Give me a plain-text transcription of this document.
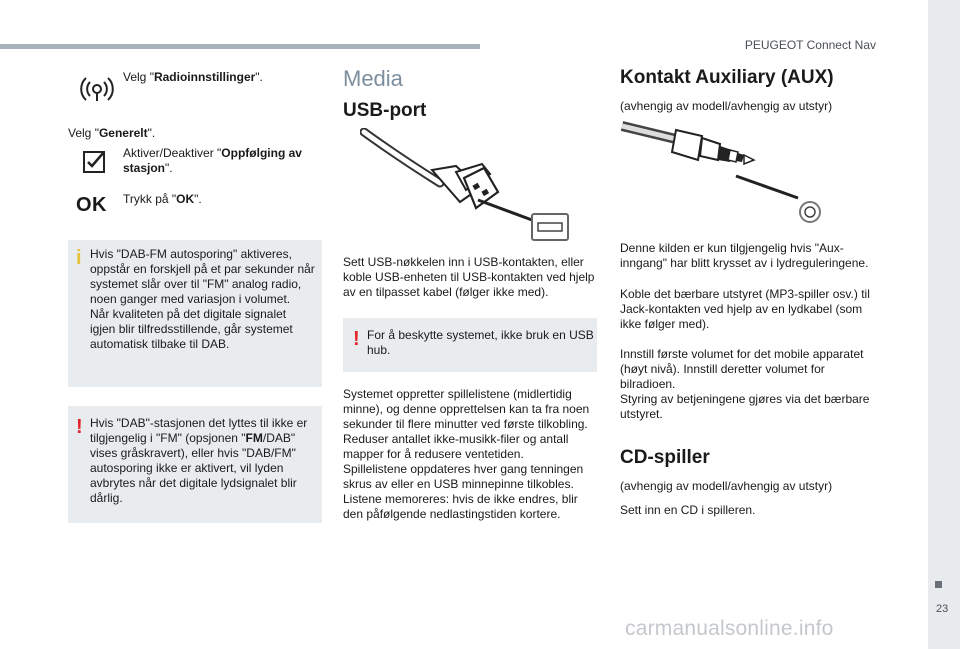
PEUGEOT Connect Nav
23
carmanualsonline.info
Velg "Radioinnstillinger".
Velg "Generelt".
Aktiver/Deaktiver "Oppfølging av stasjon".
OK Trykk på "OK".
i Hvis "DAB-FM autosporing" aktiveres,
oppstår en forskjell på et par sekunder når
systemet slår over til "FM" analog radio,
noen ganger med variasjon i volumet.
Når kvaliteten på det digitale signalet
igjen blir tilfredsstillende, går systemet
automatisk tilbake til DAB.
! Hvis "DAB"-stasjonen det lyttes til ikke er
tilgjengelig i "FM" (opsjonen "FM/DAB"
vises gråskravert), eller hvis "DAB/FM"
autosporing ikke er aktivert, vil lyden
avbrytes når det digitale lydsignalet blir
dårlig.
Media
USB-port
Sett USB-nøkkelen inn i USB-kontakten, eller
koble USB-enheten til USB-kontakten ved hjelp
av en tilpasset kabel (følger ikke med).
! For å beskytte systemet, ikke bruk en USB
hub.
Systemet oppretter spillelistene (midlertidig
minne), og denne opprettelsen kan ta fra noen
sekunder til flere minutter ved første tilkobling.
Reduser antallet ikke-musikk-filer og antall
mapper for å redusere ventetiden.
Spillelistene oppdateres hver gang tenningen
skrus av eller en USB minnepinne tilkobles.
Listene memoreres: hvis de ikke endres, blir
den påfølgende nedlastingstiden kortere.
Kontakt Auxiliary (AUX)
(avhengig av modell/avhengig av utstyr)
Denne kilden er kun tilgjengelig hvis "Aux-
inngang" har blitt krysset av i lydreguleringene.
Koble det bærbare utstyret (MP3-spiller osv.) til
Jack-kontakten ved hjelp av en lydkabel (som
ikke følger med).
Innstill første volumet for det mobile apparatet
(høyt nivå). Innstill deretter volumet for
bilradioen.
Styring av betjeningene gjøres via det bærbare
utstyret.
CD-spiller
(avhengig av modell/avhengig av utstyr)
Sett inn en CD i spilleren.
